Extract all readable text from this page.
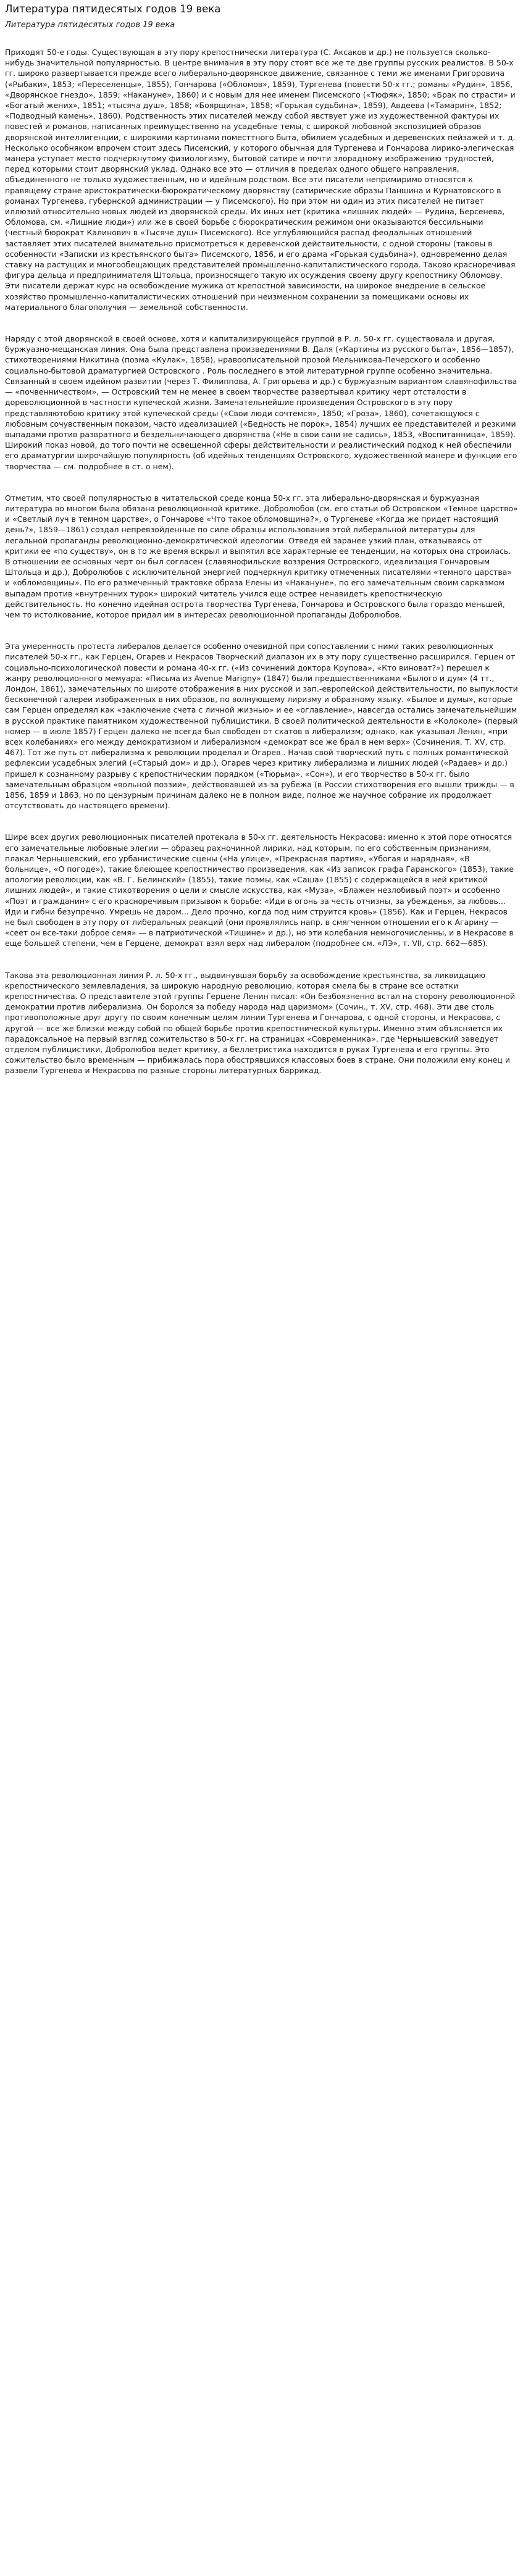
Литература пятидесятых годов 19 века
Литература пятидесятых годов 19 века

Приходят 50-е годы. Существующая в эту пору крепостнически литература (С. Аксаков и др.) не пользуется сколько-нибудь значительной популярностью. В центре внимания в эту пору стоят все же те две группы русских реалистов. В 50-х гг. широко развертывается прежде всего либерально-дворянское движение, связанное с теми же именами Григоровича («Рыбаки», 1853; «Переселенцы», 1855), Гончарова («Обломов», 1859), Тургенева (повести 50-х гг.; романы «Рудин», 1856, «Дворянское гнездо», 1859; «Накануне», 1860) и с новым для нее именем Писемского («Тюфяк», 1850; «Брак по страсти» и «Богатый жених», 1851; «тысяча душ», 1858; «Боярщина», 1858; «Горькая судьбина», 1859), Авдеева («Тамарин», 1852; «Подводный камень», 1860). Родственность этих писателей между собой явствует уже из художественной фактуры их повестей и романов, написанных преимущественно на усадебные темы, с широкой любовной экспозицией образов дворянской интеллигенции, с широкими картинами поместтного быта, обилием усадебных и деревенских пейзажей и т. д. Несколько особняком впрочем стоит здесь Писемский, у которого обычная для Тургенева и Гончарова лирико-элегическая манера уступает место подчеркнутому физиологизму, бытовой сатире и почти злорадному изображению трудностей, перед которыми стоит дворянский уклад. Однако все это — отличия в пределах одного общего направления, объединенного не только художественным, но и идейным родством. Все эти писатели непримиримо относятся к правящему стране аристократически-бюрократическому дворянству (сатирические образы Паншина и Курнатовского в романах Тургенева, губернской администрации — у Писемского). Но при этом ни один из этих писателей не питает иллюзий относительно новых людей из дворянской среды. Их иных нет (критика «лишних людей» — Рудина, Берсенева, Обломова, см. «Лишние люди») или же в своей борьбе с бюрократическим режимом они оказываются бессильными (честный бюрократ Калинович в «Тысяче душ» Писемского). Все углубляющийся распад феодальных отношений заставляет этих писателей внимательно присмотреться к деревенской действительности, с одной стороны (таковы в особенности «Записки из крестьянского быта» Писемского, 1856, и его драма «Горькая судьбина»), одновременно делая ставку на растущих и многообещающих представителей промышленно-капиталистического города. Таково красноречивая фигура дельца и предпринимателя Штольца, произносящего такую их осуждения своему другу крепостнику Обломову. Эти писатели держат курс на освобождение мужика от крепостной зависимости, на широкое внедрение в сельское хозяйство промышленно-капиталистических отношений при неизменном сохранении за помещиками основы их материального благополучия — земельной собственности.

Наряду с этой дворянской в своей основе, хотя и капитализирующейся группой в Р. л. 50-х гг. существовала и другая, буржуазно-мещанская линия. Она была представлена произведениями В. Даля («Картины из русского быта», 1856—1857), стихотворениями Никитина (поэма «Кулак», 1858), нравоописательной прозой Мельникова-Печерского и особенно социально-бытовой драматургией Островского . Роль последнего в этой литературной группе особенно значительна. Связанный в своем идейном развитии (через Т. Филиппова, А. Григорьева и др.) с буржуазным вариантом славянофильства — «почвенничеством», — Островский тем не менее в своем творчестве развертывал критику черт отсталости в дореволюционной в частности купеческой жизни. Замечательнейшие произведения Островского в эту пору представляютобою критику этой купеческой среды («Свои люди сочтемся», 1850; «Гроза», 1860), сочетающуюся с любовным сочувственным показом, часто идеализацией («Бедность не порок», 1854) лучших ее представителей и резкими выпадами против развратного и бездельничающего дворянства («Не в свои сани не садись», 1853, «Воспитанница», 1859). Широкий показ новой, до того почти не освещенной сферы действительности и реалистический подход к ней обеспечили его драматургии широчайшую популярность (об идейных тенденциях Островского, художественной манере и функции его творчества — см. подробнее в ст. о нем).

Отметим, что своей популярностью в читательской среде конца 50-х гг. эта либерально-дворянская и буржуазная литература во многом была обязана революционной критике. Добролюбов (см. его статьи об Островском «Темное царство» и «Светлый луч в темном царстве», о Гончарове «Что такое обломовщина?», о Тургеневе «Когда же придет настоящий день?», 1859—1861) создал непревзойденные по силе образцы использования этой либеральной литературы для легальной пропаганды революционно-демократической идеологии. Отведя ей заранее узкий план, отказываясь от критики ее «по существу», он в то же время вскрыл и выпятил все характерные ее тенденции, на которых она строилась. В отношении ее основных черт он был согласен (славянофильские воззрения Островского, идеализация Гончаровым Штольца и др.), Добролюбов с исключительной энергией подчеркнул критику отмеченных писателями «темного царства» и «обломовщины». По его размеченный трактовке образа Елены из «Накануне», по его замечательным своим сарказмом выпадам против «внутренних турок» широкий читатель учился еще острее ненавидеть крепостническую действительность. Но конечно идейная острота творчества Тургенева, Гончарова и Островского была гораздо меньшей, чем то истолкование, которое придал им в интересах революционной пропаганды Добролюбов.

Эта умеренность протеста либералов делается особенно очевидной при сопоставлении с ними таких революционных писателей 50-х гг., как Герцен, Огарев и Некрасов Творческий диапазон их в эту пору существенно расширился. Герцен от социально-психологической повести и романа 40-х гг. («Из сочинений доктора Крупова», «Кто виноват?») перешел к жанру революционного мемуара: «Письма из Avenue Marigny» (1847) были предшественниками «Былого и дум» (4 тт., Лондон, 1861), замечательных по широте отображения в них русской и зап.-европейской действительности, по выпуклости бесконечной галереи изображенных в них образов, по волнующему лиризму и образному языку. «Былое и думы», которые сам Герцен определял как «заключение счета с личной жизнью» и ее «оглавление», навсегда остались замечательнейшим в русской практике памятником художественной публицистики. В своей политической деятельности в «Колоколе» (первый номер — в июле 1857) Герцен далеко не всегда был свободен от скатов в либерализм; однако, как указывал Ленин, «при всех колебаниях» его между демократизмом и либерализмом «демократ все же брал в нем верх» (Сочинения, Т. XV, стр. 467). Тот же путь от либерализма к революции проделал и Огарев . Начав свой творческий путь с полных романтической рефлексии усадебных элегий («Старый дом» и др.), Огарев через критику либерализма и лишних людей («Радаев» и др.) пришел к сознанному разрыву с крепостническим порядком («Тюрьма», «Сон»), и его творчество в 50-х гг. было замечательным образцом «вольной поэзии», действовавшей из-за рубежа (в России стихотворения его вышли трижды — в 1856, 1859 и 1863, но по цензурным причинам далеко не в полном виде, полное же научное собрание их продолжает отсутствовать до настоящего времени).

Шире всех других революционных писателей протекала в 50-х гг. деятельность Некрасова: именно к этой поре относятся его замечательные любовные элегии — образец рахночинной лирики, над которым, по его собственным признаниям, плакал Чернышевский, его урбанистические сцены («На улице», «Прекрасная партия», «Убогая и нарядная», «В больнице», «О погоде»), такие блеющее крепостничество произведения, как «Из записок графа Гаранского» (1853), такие апологии революции, как «В. Г. Белинский» (1855), такие поэмы, как «Саша» (1855) с содержащейся в ней критикой лишних людей», и такие стихотворения о цели и смысле искусства, как «Муза», «Блажен незлобивый поэт» и особенно «Поэт и гражданин» с его красноречивым призывом к борьбе: «Иди в огонь за честь отчизны, за убежденья, за любовь... Иди и гибни безупречно. Умрешь не даром... Дело прочно, когда под ним струится кровь» (1856). Как и Герцен, Некрасов не был свободен в эту пору от либеральных реакций (они проявлялись напр. в смягченном отношении его к Агарину — «сеет он все-таки доброе семя» — в патриотической «Тишине» и др.), но эти колебания немногочисленны, и в Некрасове в еще большей степени, чем в Герцене, демократ взял верх над либералом (подробнее см. «ЛЭ», т. VII, стр. 662—685).

Такова эта революционная линия Р. л. 50-х гг., выдвинувшая борьбу за освобождение крестьянства, за ликвидацию крепостнического землевладения, за широкую народную революцию, которая смела бы в стране все остатки крепостничества. О представителе этой группы Герцене Ленин писал: «Он безбоязненно встал на сторону революционной демократии против либерализма. Он боролся за победу народа над царизмом» (Сочин., т. XV, стр. 468). Эти две столь противоположные друг другу по своим конечным целям линии Тургенева и Гончарова, с одной стороны, и Некрасова, с другой — все же близки между собой по общей борьбе против крепостнической культуры. Именно этим объясняется их парадоксальное на первый взгляд сожительство в 50-х гг. на страницах «Современника», где Чернышевский заведует отделом публицистики, Добролюбов ведет критику, а беллетристика находится в руках Тургенева и его группы. Это сожительство было временным — прибижалась пора обострявшихся классовых боев в стране. Они положили ему конец и развели Тургенева и Некрасова по разные стороны литературных баррикад.
